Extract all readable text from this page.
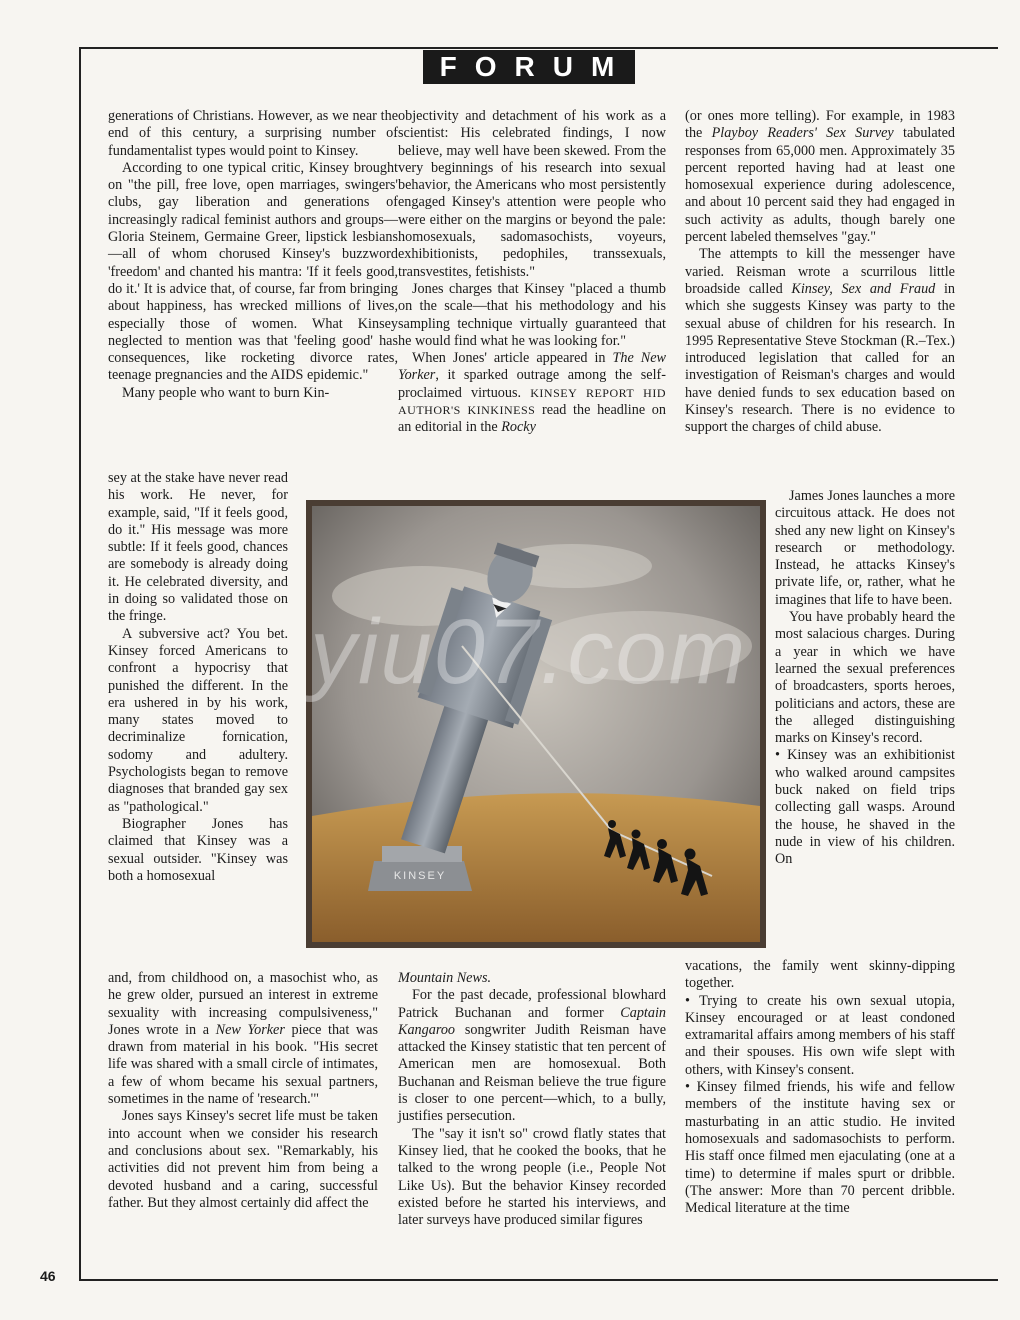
FORUM

generations of Christians. However, as we near the end of this century, a surprising number of fundamentalist types would point to Kinsey.

According to one typical critic, Kinsey brought on "the pill, free love, open marriages, swingers' clubs, gay liberation and generations of increasingly radical feminist authors and groups—Gloria Steinem, Germaine Greer, lipstick lesbians—all of whom chorused Kinsey's buzzword 'freedom' and chanted his mantra: 'If it feels good, do it.' It is advice that, of course, far from bringing about happiness, has wrecked millions of lives, especially those of women. What Kinsey neglected to mention was that 'feeling good' has consequences, like rocketing divorce rates, teenage pregnancies and the AIDS epidemic."

Many people who want to burn Kin-

sey at the stake have never read his work. He never, for example, said, "If it feels good, do it." His message was more subtle: If it feels good, chances are somebody is already doing it. He celebrated diversity, and in doing so validated those on the fringe.

A subversive act? You bet. Kinsey forced Americans to confront a hypocrisy that punished the different. In the era ushered in by his work, many states moved to decriminalize fornication, sodomy and adultery. Psychologists began to remove diagnoses that branded gay sex as "pathological."

Biographer Jones has claimed that Kinsey was a sexual outsider. "Kinsey was both a homosexual

and, from childhood on, a masochist who, as he grew older, pursued an interest in extreme sexuality with increasing compulsiveness," Jones wrote in a New Yorker piece that was drawn from material in his book. "His secret life was shared with a small circle of intimates, a few of whom became his sexual partners, sometimes in the name of 'research.'"

Jones says Kinsey's secret life must be taken into account when we consider his research and conclusions about sex. "Remarkably, his activities did not prevent him from being a devoted husband and a caring, successful father. But they almost certainly did affect the

objectivity and detachment of his work as a scientist: His celebrated findings, I now believe, may well have been skewed. From the very beginnings of his research into sexual behavior, the Americans who most persistently engaged Kinsey's attention were people who were either on the margins or beyond the pale: homosexuals, sadomasochists, voyeurs, exhibitionists, pedophiles, transsexuals, transvestites, fetishists."

Jones charges that Kinsey "placed a thumb on the scale—that his methodology and his sampling technique virtually guaranteed that he would find what he was looking for."

When Jones' article appeared in The New Yorker, it sparked outrage among the self-proclaimed virtuous. KINSEY REPORT HID AUTHOR'S KINKINESS read the headline on an editorial in the Rocky

Mountain News.

For the past decade, professional blowhard Patrick Buchanan and former Captain Kangaroo songwriter Judith Reisman have attacked the Kinsey statistic that ten percent of American men are homosexual. Both Buchanan and Reisman believe the true figure is closer to one percent—which, to a bully, justifies persecution.

The "say it isn't so" crowd flatly states that Kinsey lied, that he cooked the books, that he talked to the wrong people (i.e., People Not Like Us). But the behavior Kinsey recorded existed before he started his interviews, and later surveys have produced similar figures

(or ones more telling). For example, in 1983 the Playboy Readers' Sex Survey tabulated responses from 65,000 men. Approximately 35 percent reported having had at least one homosexual experience during adolescence, and about 10 percent said they had engaged in such activity as adults, though barely one percent labeled themselves "gay."

The attempts to kill the messenger have varied. Reisman wrote a scurrilous little broadside called Kinsey, Sex and Fraud in which she suggests Kinsey was party to the sexual abuse of children for his research. In 1995 Representative Steve Stockman (R.–Tex.) introduced legislation that called for an investigation of Reisman's charges and would have denied funds to sex education based on Kinsey's research. There is no evidence to support the charges of child abuse.

James Jones launches a more circuitous attack. He does not shed any new light on Kinsey's research or methodology. Instead, he attacks Kinsey's private life, or, rather, what he imagines that life to have been.

You have probably heard the most salacious charges. During a year in which we have learned the sexual preferences of broadcasters, sports heroes, politicians and actors, these are the alleged distinguishing marks on Kinsey's record.

• Kinsey was an exhibitionist who walked around campsites buck naked on field trips collecting gall wasps. Around the house, he shaved in the nude in view of his children. On

vacations, the family went skinny-dipping together.

• Trying to create his own sexual utopia, Kinsey encouraged or at least condoned extramarital affairs among members of his staff and their spouses. His own wife slept with others, with Kinsey's consent.

• Kinsey filmed friends, his wife and fellow members of the institute having sex or masturbating in an attic studio. He invited homosexuals and sadomasochists to perform. His staff once filmed men ejaculating (one at a time) to determine if males spurt or dribble. (The answer: More than 70 percent dribble. Medical literature at the time

KINSEY
yiu07.com
46
